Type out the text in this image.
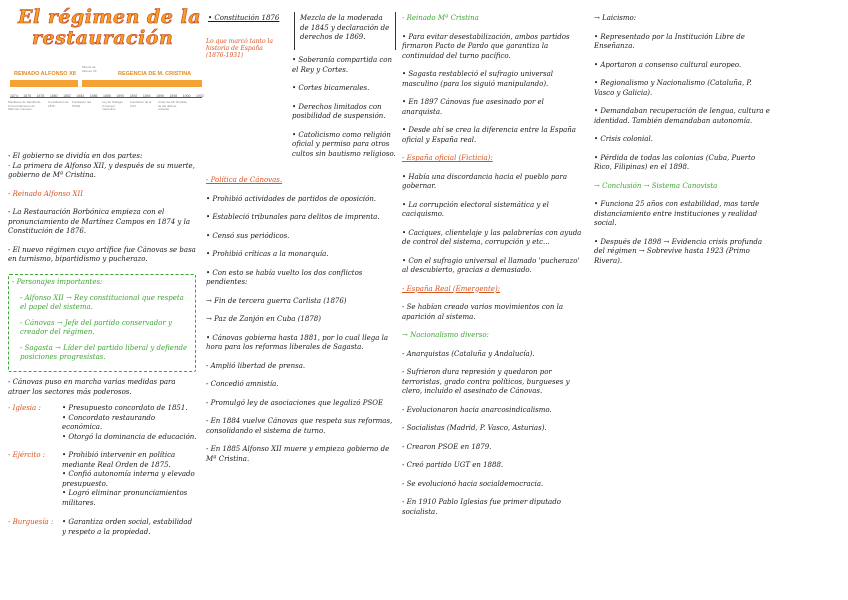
El régimen de la
restauración
REINADO ALFONSO XII	REGENCIA DE M. CRISTINA
Muerte de Alfonso XII
1874 1876 1878 1880 1882 1884 1886 1888 1890 1892 1894 1896 1898 1900 1902
Manifiesto de Sandhurst. Pronunciamiento de Martínez Campos
Constitución de 1876
Fundación del PSOE
Ley de Sufragio Universal masculino
Fundación de la UGT
Crisis del 98. Pérdida de las últimas colonias
- El gobierno se dividía en dos partes:
· La primera de Alfonso XII, y después de su muerte, gobierno de Mª Cristina.
- Reinado Alfonso XII
- La Restauración Borbónica empieza con el pronunciamiento de Martínez Campos en 1874 y la Constitución de 1876.
- El nuevo régimen cuyo artífice fue Cánovas se basa en turnismo, bipartidismo y pucherazo.
- Personajes importantes:
- Alfonso XII → Rey constitucional que respeta el papel del sistema.
- Cánovas → Jefe del partido conservador y creador del régimen.
- Sagasta → Líder del partido liberal y defiende posiciones progresistas.
- Cánovas puso en marcha varias medidas para atraer los sectores más poderosos.
- Iglesia :	• Presupuesto concordato de 1851.
• Concordato restaurando económica.
• Otorgó la dominancia de educación.
- Ejército :	• Prohibió intervenir en política mediante Real Orden de 1875.
• Confió autonomía interna y elevado presupuesto.
• Logró eliminar pronunciamientos militares.
- Burguesía :	• Garantiza orden social, estabilidad y respeto a la propiedad.
• Constitución 1876
Lo que marcó tanto la historia de España (1876-1931)
Mezcla de la moderada de 1845 y declaración de derechos de 1869.
• Soberanía compartida con el Rey y Cortes.
• Cortes bicamerales.
• Derechos limitados con posibilidad de suspensión.
• Catolicismo como religión oficial y permiso para otros cultos sin bautismo religioso.
- Política de Cánovas.
• Prohibió actividades de partidos de oposición.
• Estableció tribunales para delitos de imprenta.
• Censó sus periódicos.
• Prohibió críticas a la monarquía.
• Con esto se había vuelto los dos conflictos pendientes:
→ Fin de tercera guerra Carlista (1876)
→ Paz de Zanjón en Cuba (1878)
• Cánovas gobierna hasta 1881, por lo cual llega la hora para los reformas liberales de Sagasta.
- Amplió libertad de prensa.
- Concedió amnistía.
- Promulgó ley de asociaciones que legalizó PSOE
- En 1884 vuelve Cánovas que respeta sus reformas, consolidando el sistema de turno.
- En 1885 Alfonso XII muere y empieza gobierno de Mª Cristina.
- Reinado Mª Cristina
• Para evitar desestabilización, ambos partidos firmaron Pacto de Pardo que garantiza la continuidad del turno pacífico.
• Sagasta restableció el sufragio universal masculino (para los siguió manipulando).
• En 1897 Cánovas fue asesinado por el anarquista.
• Desde ahí se crea la diferencia entre la España oficial y España real.
- España oficial (Ficticia):
• Había una discordancia hacia el pueblo para gobernar.
• La corrupción electoral sistemática y el caciquismo.
• Caciques, clientelaje y las palabrerías con ayuda de control del sistema, corrupción y etc...
• Con el sufragio universal el llamado 'pucherazo' al descubierto, gracias a demasiado.
- España Real (Emergente):
- Se habían creado varios movimientos con la aparición al sistema.
→ Nacionalismo diverso:
- Anarquistas (Cataluña y Andalucía).
- Sufrieron dura represión y quedaron por terroristas, grado contra políticos, burgueses y clero, incluido el asesinato de Cánovas.
- Evolucionaron hacia anarcosindicalismo.
- Socialistas (Madrid, P. Vasco, Asturias).
- Crearon PSOE en 1879.
- Creó partido UGT en 1888.
- Se evolucionó hacia socialdemocracia.
- En 1910 Pablo Iglesias fue primer diputado socialista.
→ Laicismo:
• Representado por la Institución Libre de Enseñanza.
• Aportaron a consenso cultural europeo.
• Regionalismo y Nacionalismo (Cataluña, P. Vasco y Galicia).
• Demandaban recuperación de lengua, cultura e identidad. También demandaban autonomía.
• Crisis colonial.
• Pérdida de todas las colonias (Cuba, Puerto Rico, Filipinas) en el 1898.
→ Conclusión → Sistema Canovista
• Funciona 25 años con estabilidad, mas tarde distanciamiento entre instituciones y realidad social.
• Después de 1898 → Evidencia crisis profunda del régimen → Sobrevive hasta 1923 (Primo Rivera).
